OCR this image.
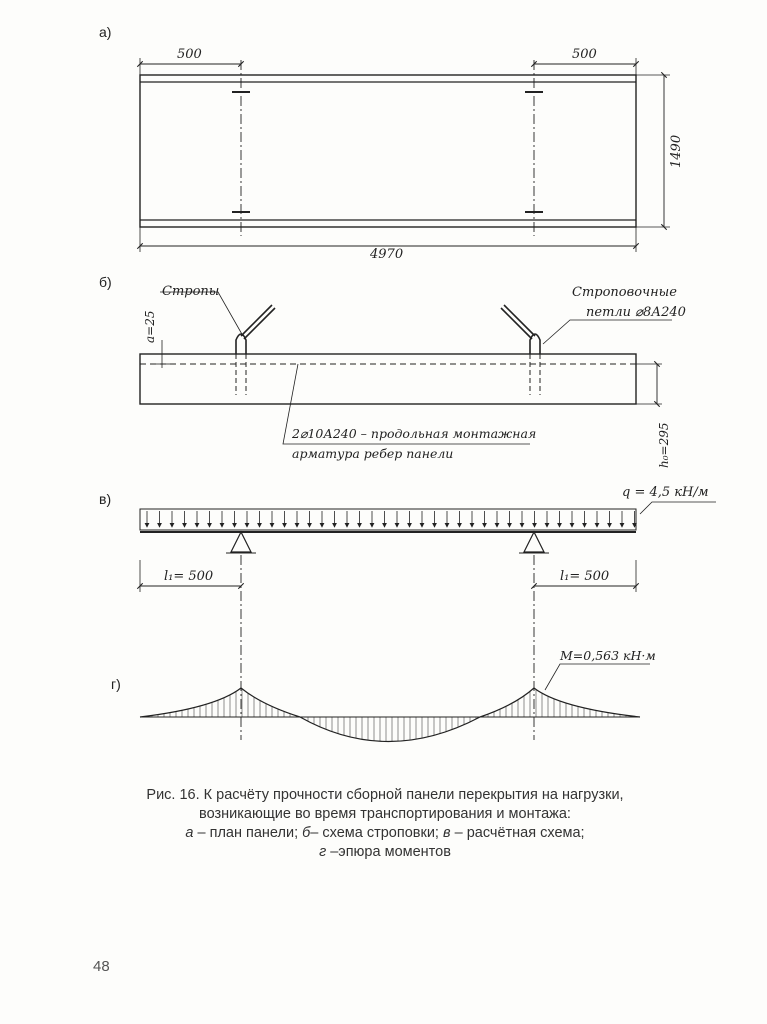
а)
500	500
1490
4970
б)
Стропы	Строповочные
петли ⌀8А240
a=25
h₀=295
2⌀10А240 – продольная монтажная
арматура ребер панели
в)	q = 4,5 кН/м
l₁= 500	l₁= 500
г)
M=0,563 кН·м
Рис. 16. К расчёту прочности сборной панели перекрытия на нагрузки,
возникающие во время транспортирования и монтажа:
а – план панели; б– схема строповки; в – расчётная схема;
г –эпюра моментов
48
